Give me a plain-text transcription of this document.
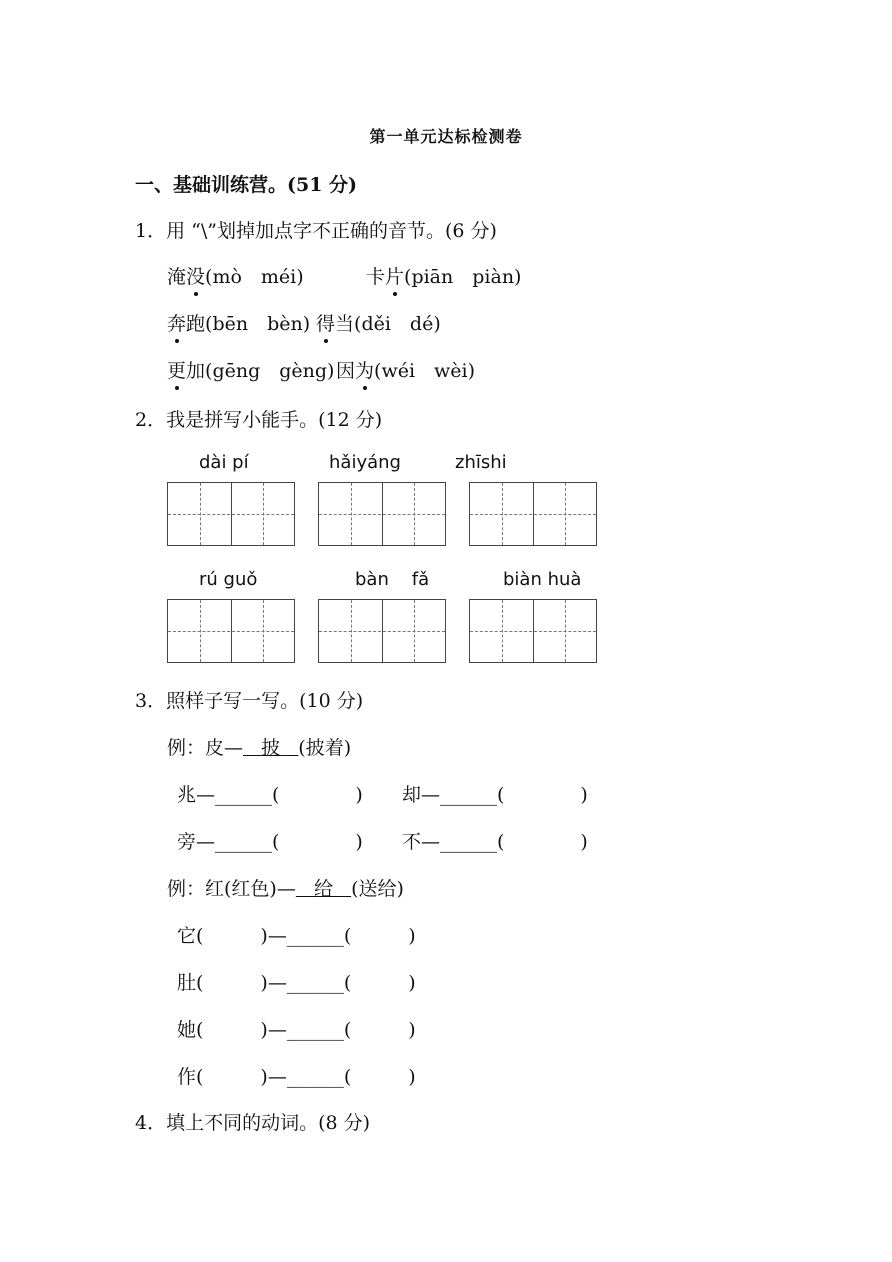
第一单元达标检测卷
一、基础训练营。(51 分)
1．用 “\”划掉加点字不正确的音节。(6 分)
淹没(mò　méi)	卡片(piān　piàn)
奔跑(bēn　bèn) 得当(děi　dé)
更加(gēng　gèng) 因为(wéi　wèi)
2．我是拼写小能手。(12 分)
dài pí	hǎiyáng	zhīshi
rú guǒ	bàn    fǎ	biàn huà
3．照样子写一写。(10 分)
例：皮— 披 (披着)
兆—______(　　　　) 却—______(　　　　)
旁—______(　　　　) 不—______(　　　　)
例：红(红色)— 给 (送给)
它(　　　)—______(　　　)
肚(　　　)—______(　　　)
她(　　　)—______(　　　)
作(　　　)—______(　　　)
4．填上不同的动词。(8 分)
